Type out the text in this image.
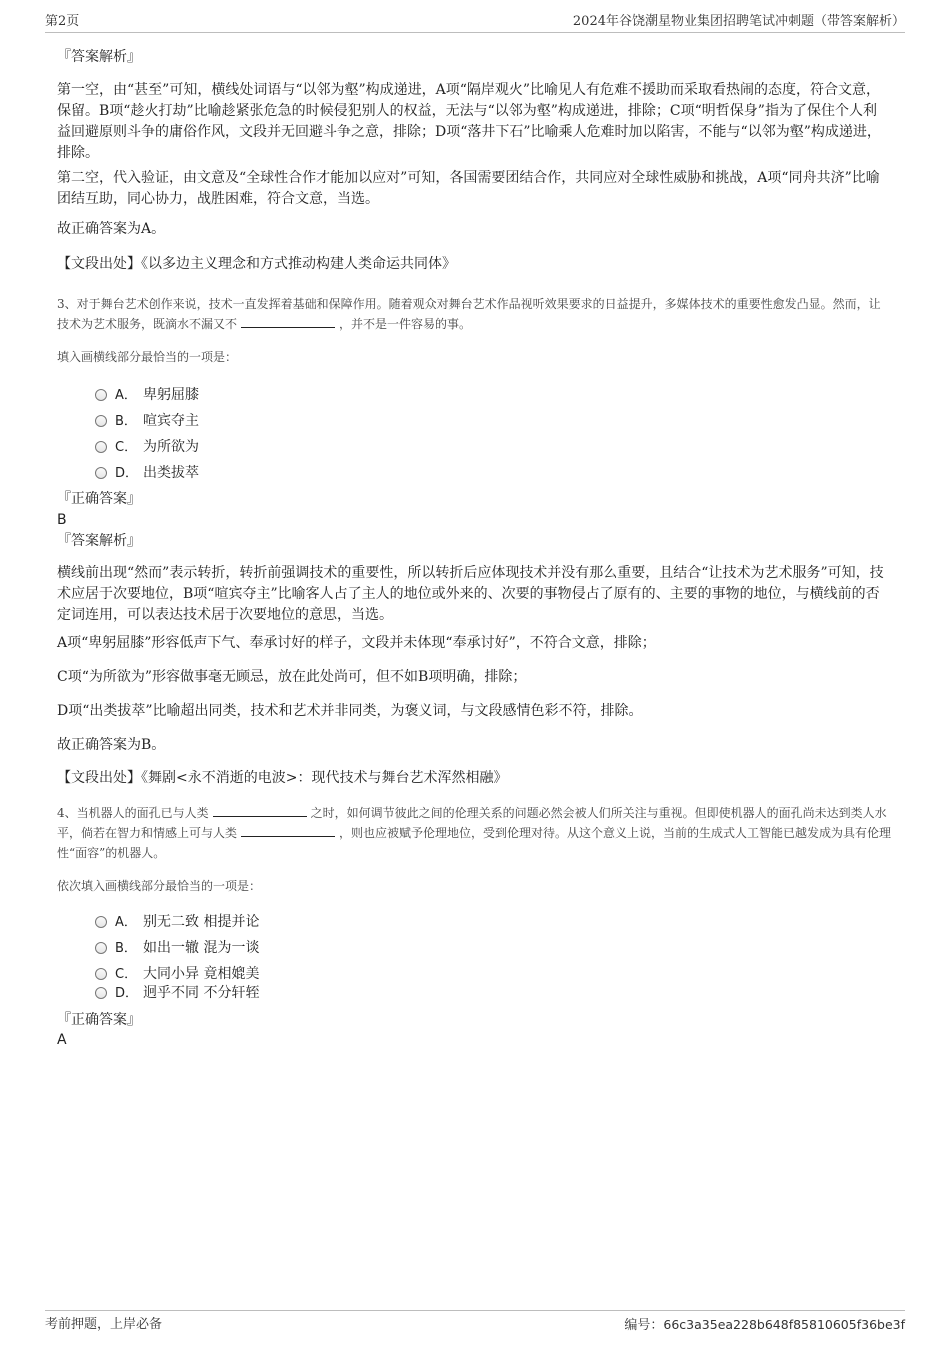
第2页	2024年谷饶潮星物业集团招聘笔试冲刺题（带答案解析）
『答案解析』

第一空，由“甚至”可知，横线处词语与“以邻为壑”构成递进，A项“隔岸观火”比喻见人有危难不援助而采取看热闹的态度，符合文意，保留。B项“趁火打劫”比喻趁紧张危急的时候侵犯别人的权益，无法与“以邻为壑”构成递进，排除；C项“明哲保身”指为了保住个人利益回避原则斗争的庸俗作风，文段并无回避斗争之意，排除；D项“落井下石”比喻乘人危难时加以陷害，不能与“以邻为壑”构成递进，排除。

第二空，代入验证，由文意及“全球性合作才能加以应对”可知，各国需要团结合作，共同应对全球性威胁和挑战，A项“同舟共济”比喻团结互助，同心协力，战胜困难，符合文意，当选。

故正确答案为A。
【文段出处】《以多边主义理念和方式推动构建人类命运共同体》

3、对于舞台艺术创作来说，技术一直发挥着基础和保障作用。随着观众对舞台艺术作品视听效果要求的日益提升，多媒体技术的重要性愈发凸显。然而，让技术为艺术服务，既滴水不漏又不	，并不是一件容易的事。

填入画横线部分最恰当的一项是：
A． 卑躬屈膝
B． 喧宾夺主
C． 为所欲为
D． 出类拔萃
『正确答案』
B
『答案解析』

横线前出现“然而”表示转折，转折前强调技术的重要性，所以转折后应体现技术并没有那么重要，且结合“让技术为艺术服务”可知，技术应居于次要地位，B项“喧宾夺主”比喻客人占了主人的地位或外来的、次要的事物侵占了原有的、主要的事物的地位，与横线前的否定词连用，可以表达技术居于次要地位的意思，当选。

A项“卑躬屈膝”形容低声下气、奉承讨好的样子，文段并未体现“奉承讨好”，不符合文意，排除；

C项“为所欲为”形容做事毫无顾忌，放在此处尚可，但不如B项明确，排除；

D项“出类拔萃”比喻超出同类，技术和艺术并非同类，为褒义词，与文段感情色彩不符，排除。

故正确答案为B。
【文段出处】《舞剧<永不消逝的电波>：现代技术与舞台艺术浑然相融》

4、当机器人的面孔已与人类	之时，如何调节彼此之间的伦理关系的问题必然会被人们所关注与重视。但即使机器人的面孔尚未达到类人水平，倘若在智力和情感上可与人类	，则也应被赋予伦理地位，受到伦理对待。从这个意义上说，当前的生成式人工智能已越发成为具有伦理性“面容”的机器人。

依次填入画横线部分最恰当的一项是：
A． 别无二致 相提并论
B． 如出一辙 混为一谈
C． 大同小异 竟相媲美
D． 迥乎不同 不分轩轾
『正确答案』
A
考前押题，上岸必备	编号：66c3a35ea228b648f85810605f36be3f
